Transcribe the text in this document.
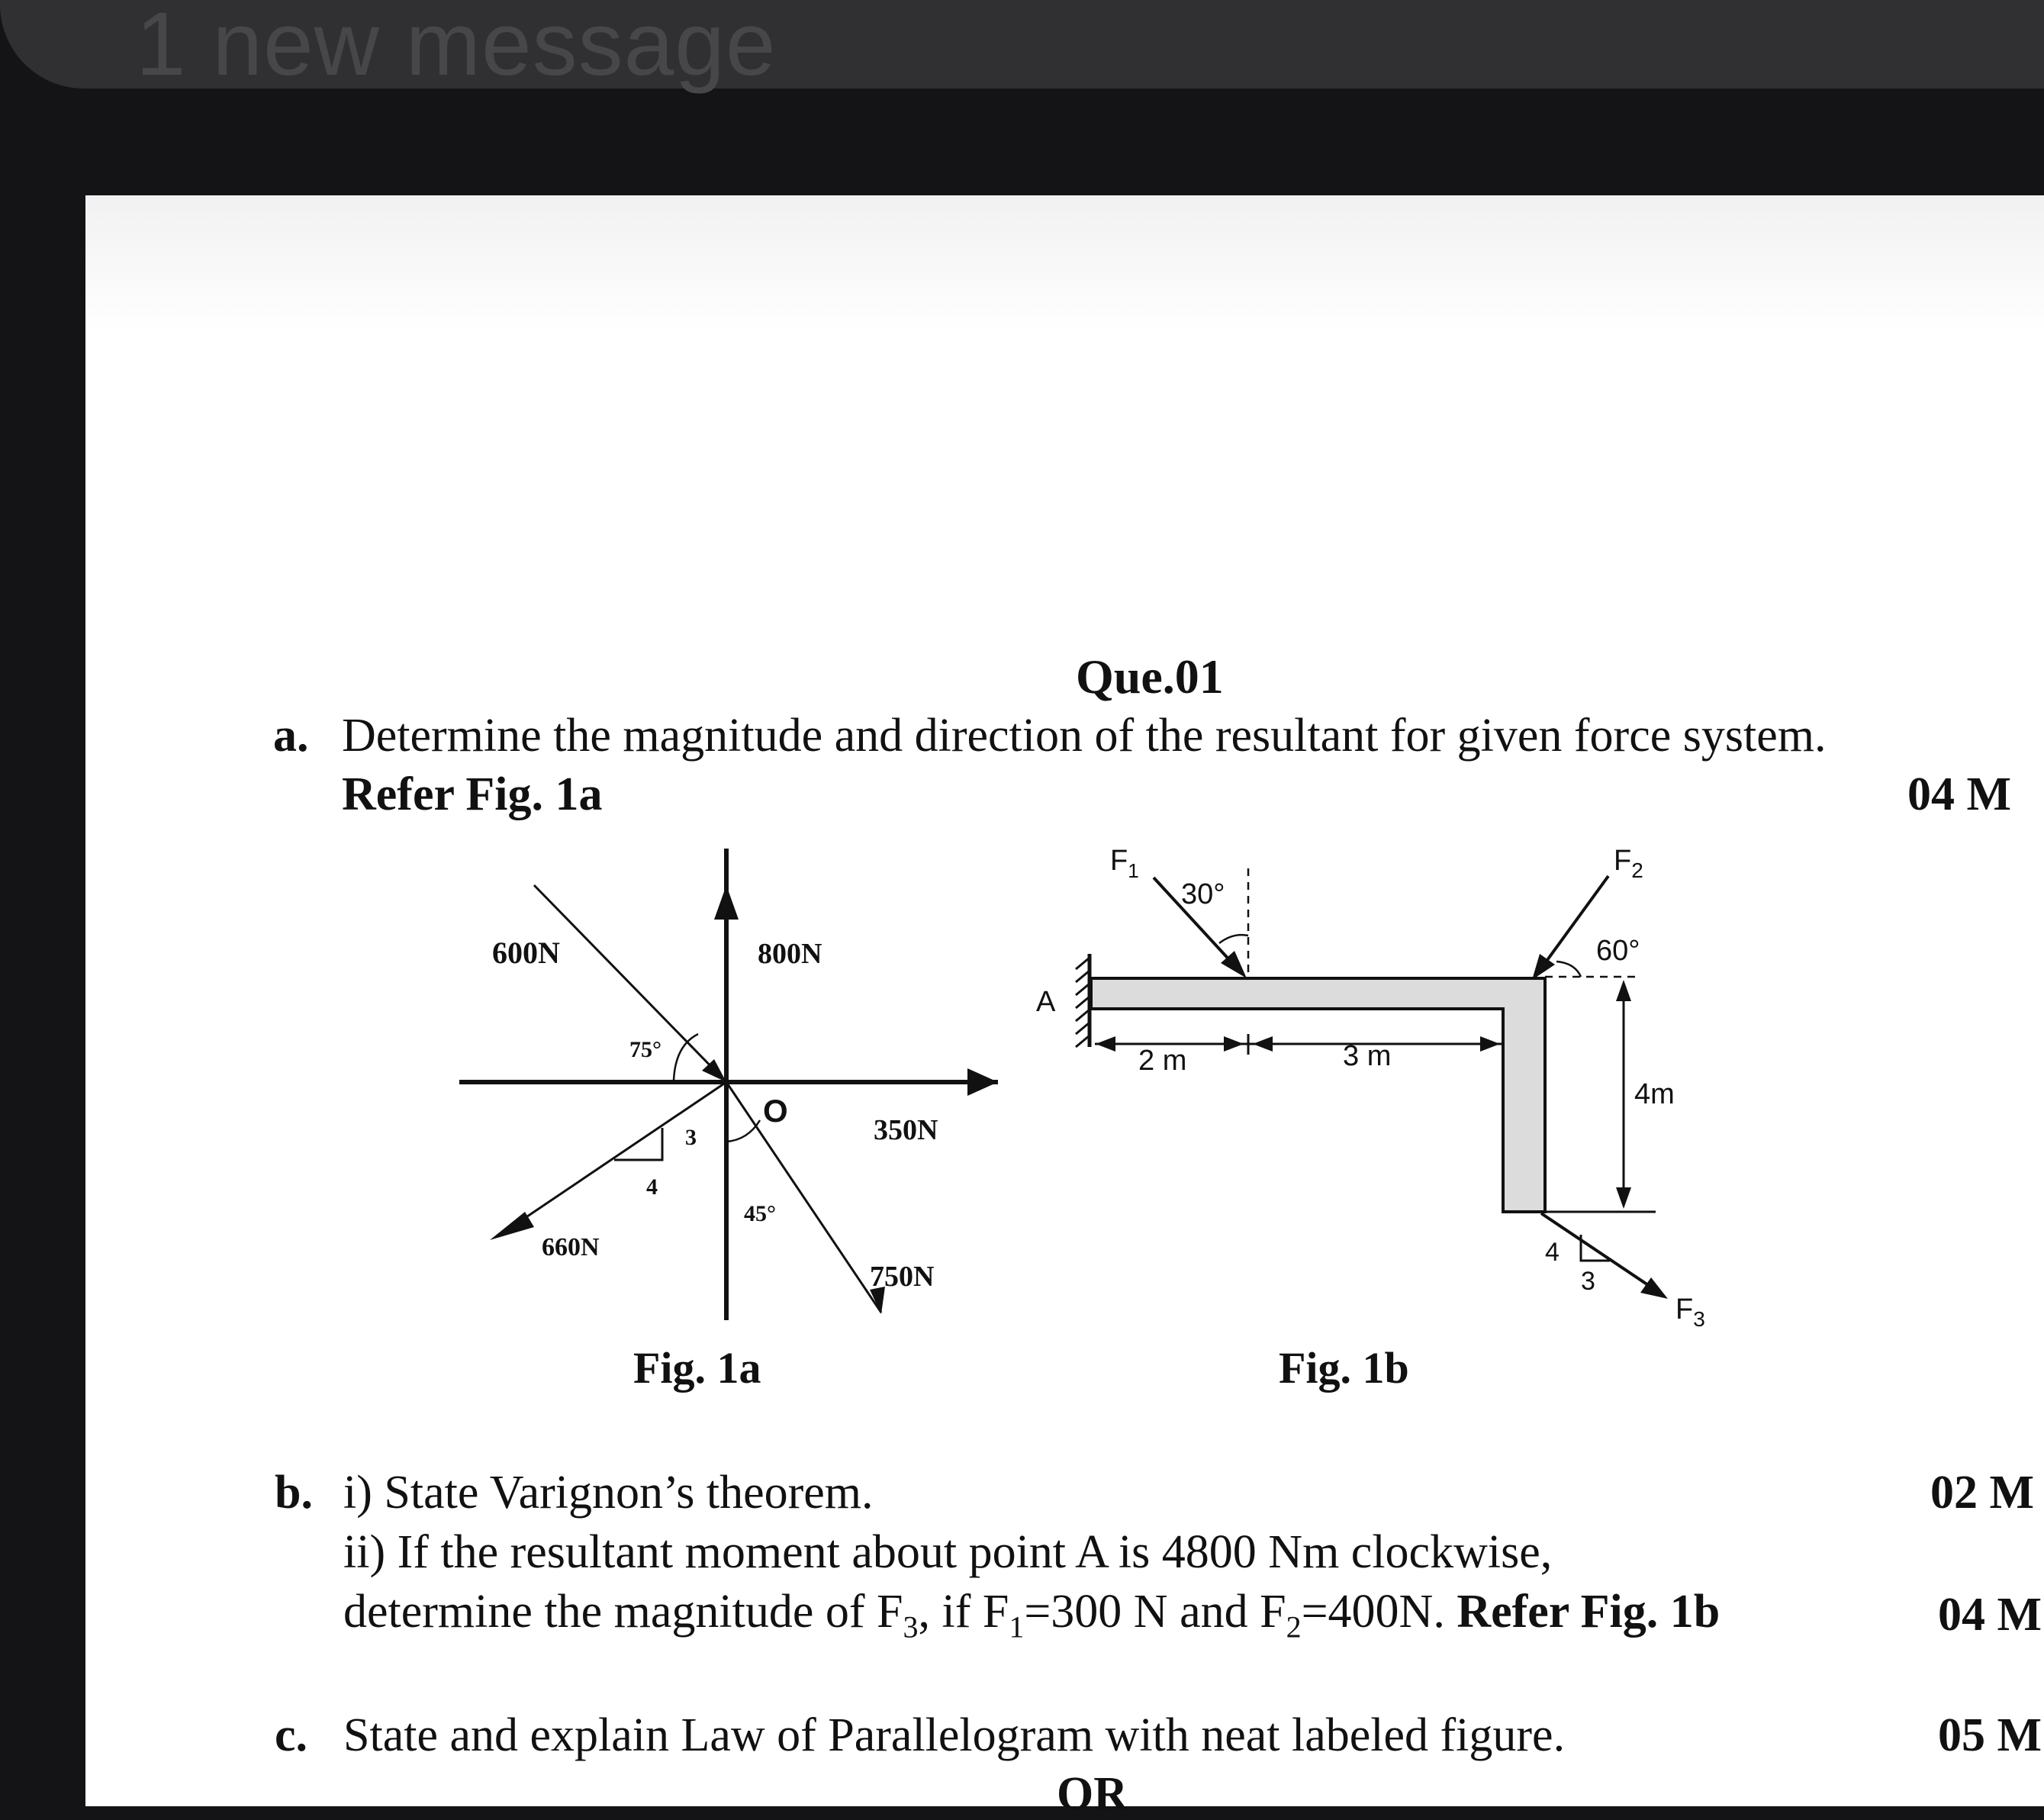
1 new message
Que.01
a. Determine the magnitude and direction of the resultant for given force system.
Refer Fig. 1a	04 M
600N	800N
75°
O
3
4
350N
45°
660N
750N
Fig. 1a
A
$F_1$
30°
$F_2$
60°
2 m	3 m
4m
4
3
$F_3$
Fig. 1b
b. i) State Varignon’s theorem.	02 M
ii) If the resultant moment about point A is 4800 Nm clockwise,
determine the magnitude of $F_3$, if $F_1=300$ N and $F_2=400N$. Refer Fig. 1b	04 M
c. State and explain Law of Parallelogram with neat labeled figure.	05 M
OR
